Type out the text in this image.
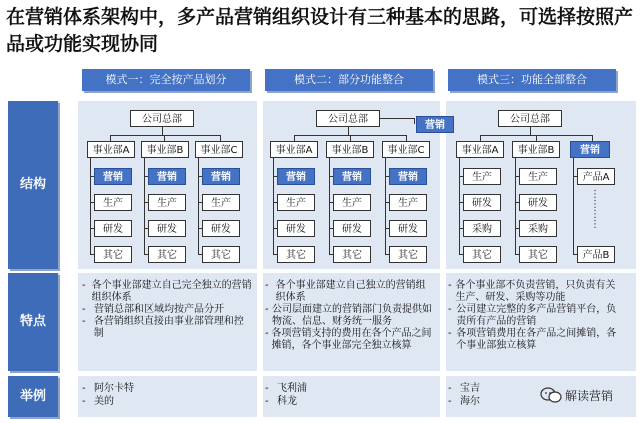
在营销体系架构中，多产品营销组织设计有三种基本的思路，可选择按照产品或功能实现协同
模式一：完全按产品划分	模式二：部分功能整合	模式三：功能全部整合
结构
特点
举例
公司总部
事业部A	事业部B	事业部C
营销	营销	营销
生产	生产	生产
研发	研发	研发
其它	其它	其它
公司总部
营销
事业部A	事业部B	事业部C
营销	营销	营销
生产	生产	生产
研发	研发	研发
其它	其它	其它
公司总部
事业部A	事业部B	营销
生产	生产
研发	研发
采购	采购
其它	其它
产品A
产品B
⋮
⋮
⋮
⋮
- 各个事业部建立自己完全独立的营销组织体系
- 营销总部和区域均按产品分开
- 各营销组织直接由事业部管理和控制
- 各个事业部建立自己独立的营销组织体系
- 公司层面建立的营销部门负责提供如物流、信息、财务统一服务
- 各项营销支持的费用在各个产品之间摊销，各个事业部完全独立核算
- 各个事业部不负责营销，只负责有关生产、研发、采购等功能
- 公司建立完整的多产品营销平台，负责所有产品的营销
- 各项营销费用在各产品之间摊销，各个事业部独立核算
- 阿尔卡特
- 美的
- 飞利浦
- 科龙
- 宝吉
- 海尔	解读营销
